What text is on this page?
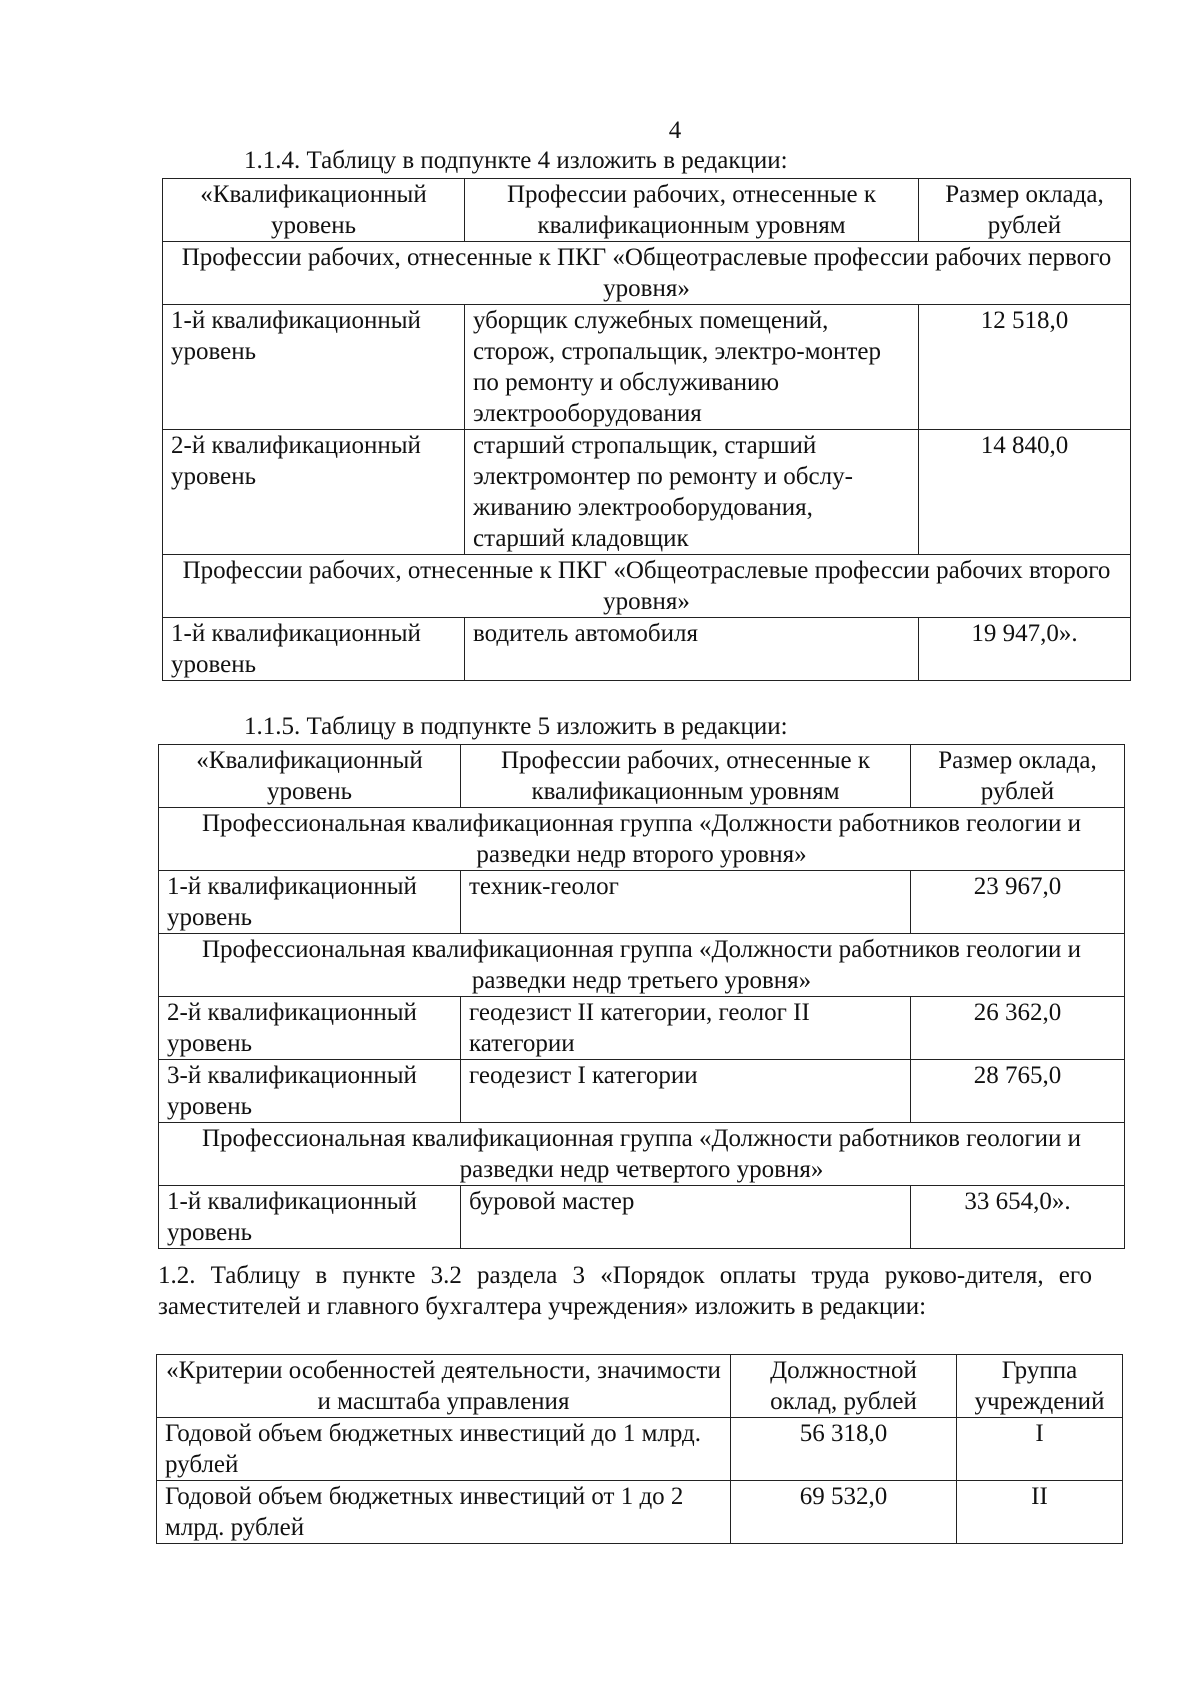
4
1.1.4. Таблицу в подпункте 4 изложить в редакции:
«Квалификационный уровень	Профессии рабочих, отнесенные к квалификационным уровням	Размер оклада, рублей
Профессии рабочих, отнесенные к ПКГ «Общеотраслевые профессии рабочих первого уровня»		
1-й квалификационный уровень	уборщик служебных помещений, сторож, стропальщик, электро-монтер по ремонту и обслуживанию электрооборудования	12 518,0
2-й квалификационный уровень	старший стропальщик, старший электромонтер по ремонту и обслу-живанию электрооборудования, старший кладовщик	14 840,0
Профессии рабочих, отнесенные к ПКГ «Общеотраслевые профессии рабочих второго уровня»		
1-й квалификационный уровень	водитель автомобиля	19 947,0».
1.1.5. Таблицу в подпункте 5 изложить в редакции:
«Квалификационный уровень	Профессии рабочих, отнесенные к квалификационным уровням	Размер оклада, рублей
Профессиональная квалификационная группа «Должности работников геологии и разведки недр второго уровня»		
1-й квалификационный уровень	техник-геолог	23 967,0
Профессиональная квалификационная группа «Должности работников геологии и разведки недр третьего уровня»		
2-й квалификационный уровень	геодезист II категории, геолог II категории	26 362,0
3-й квалификационный уровень	геодезист I категории	28 765,0
Профессиональная квалификационная группа «Должности работников геологии и разведки недр четвертого уровня»		
1-й квалификационный уровень	буровой мастер	33 654,0».
1.2. Таблицу в пункте 3.2 раздела 3 «Порядок оплаты труда руково-дителя, его заместителей и главного бухгалтера учреждения» изложить в редакции:
«Критерии особенностей деятельности, значимости и масштаба управления	Должностной оклад, рублей	Группа учреждений
Годовой объем бюджетных инвестиций до 1 млрд. рублей	56 318,0	I
Годовой объем бюджетных инвестиций от 1 до 2 млрд. рублей	69 532,0	II
